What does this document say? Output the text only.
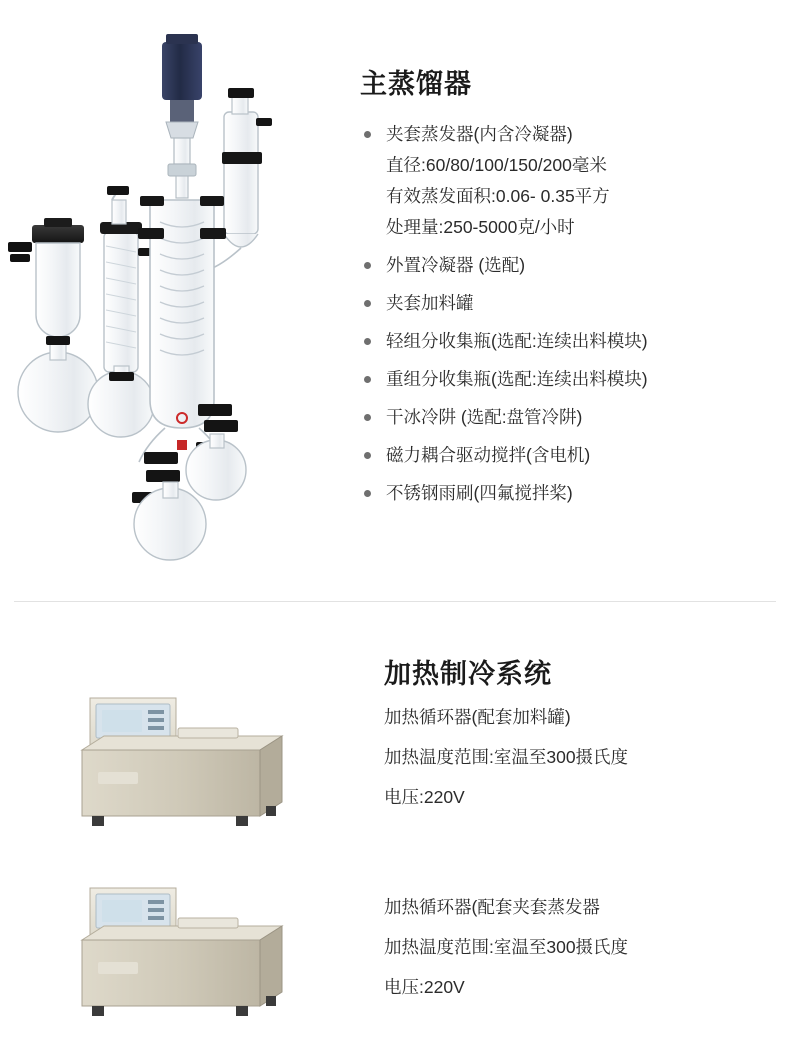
主蒸馏器
夹套蒸发器(内含冷凝器)
直径:60/80/100/150/200毫米
有效蒸发面积:0.06- 0.35平方
处理量:250-5000克/小时
外置冷凝器 (选配)
夹套加料罐
轻组分收集瓶(选配:连续出料模块)
重组分收集瓶(选配:连续出料模块)
干冰冷阱 (选配:盘管冷阱)
磁力耦合驱动搅拌(含电机)
不锈钢雨刷(四氟搅拌桨)
加热制冷系统

加热循环器(配套加料罐)

加热温度范围:室温至300摄氏度

电压:220V

加热循环器(配套夹套蒸发器

加热温度范围:室温至300摄氏度

电压:220V
